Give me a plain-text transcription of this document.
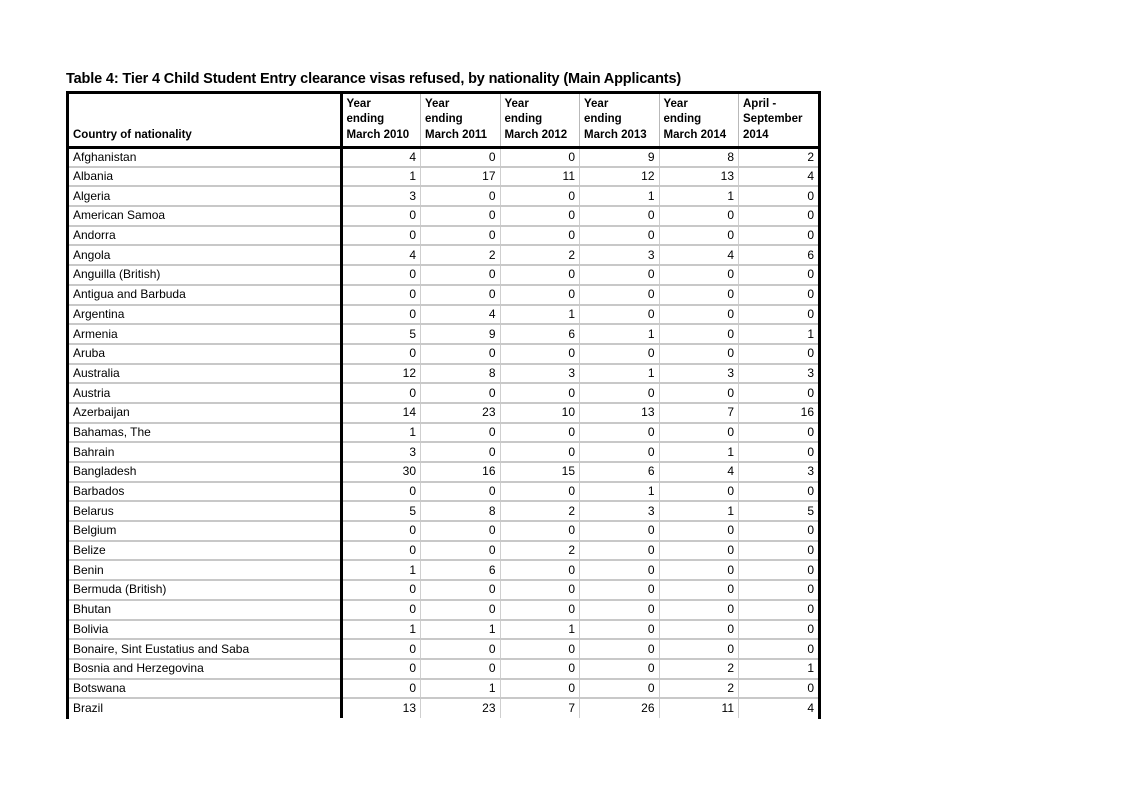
Table 4: Tier 4 Child Student Entry clearance visas refused, by nationality (Main Applicants)
Country of nationality	Year
ending
March 2010	Year
ending
March 2011	Year
ending
March 2012	Year
ending
March 2013	Year
ending
March 2014	April -
September
2014

Afghanistan	4	0	0	9	8	2
Albania	1	17	11	12	13	4
Algeria	3	0	0	1	1	0
American Samoa	0	0	0	0	0	0
Andorra	0	0	0	0	0	0
Angola	4	2	2	3	4	6
Anguilla (British)	0	0	0	0	0	0
Antigua and Barbuda	0	0	0	0	0	0
Argentina	0	4	1	0	0	0
Armenia	5	9	6	1	0	1
Aruba	0	0	0	0	0	0
Australia	12	8	3	1	3	3
Austria	0	0	0	0	0	0
Azerbaijan	14	23	10	13	7	16
Bahamas, The	1	0	0	0	0	0
Bahrain	3	0	0	0	1	0
Bangladesh	30	16	15	6	4	3
Barbados	0	0	0	1	0	0
Belarus	5	8	2	3	1	5
Belgium	0	0	0	0	0	0
Belize	0	0	2	0	0	0
Benin	1	6	0	0	0	0
Bermuda (British)	0	0	0	0	0	0
Bhutan	0	0	0	0	0	0
Bolivia	1	1	1	0	0	0
Bonaire, Sint Eustatius and Saba	0	0	0	0	0	0
Bosnia and Herzegovina	0	0	0	0	2	1
Botswana	0	1	0	0	2	0
Brazil	13	23	7	26	11	4
